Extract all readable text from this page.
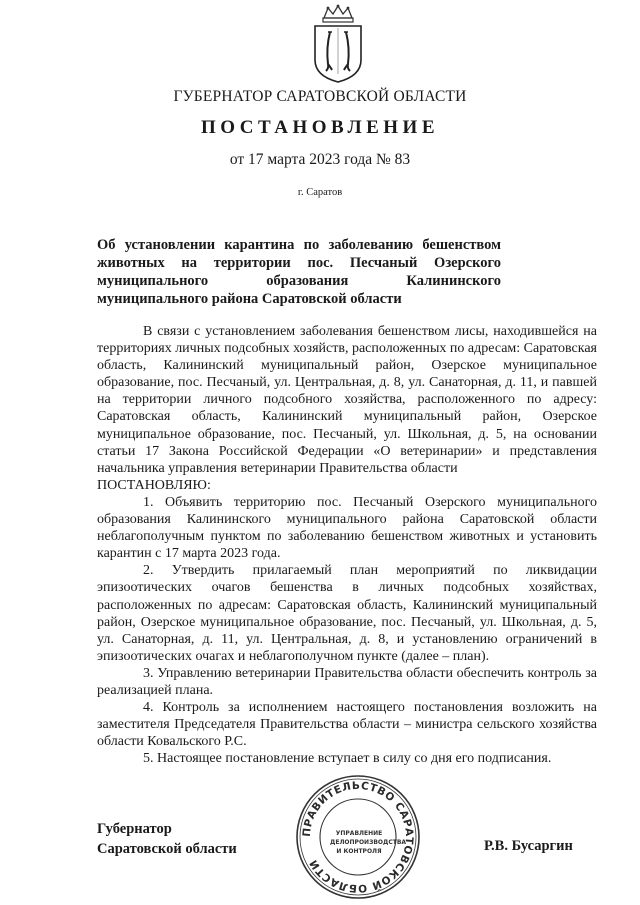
ГУБЕРНАТОР САРАТОВСКОЙ ОБЛАСТИ
ПОСТАНОВЛЕНИЕ
от 17 марта 2023 года № 83
г. Саратов
Об установлении карантина по заболеванию бешенством животных на территории пос. Песчаный Озерского муниципального образования Калининского муниципального района Саратовской области

В связи с установлением заболевания бешенством лисы, находившейся на территориях личных подсобных хозяйств, расположенных по адресам: Саратовская область, Калининский муниципальный район, Озерское муниципальное образование, пос. Песчаный, ул. Центральная, д. 8, ул. Санаторная, д. 11, и павшей на территории личного подсобного хозяйства, расположенного по адресу: Саратовская область, Калининский муниципальный район, Озерское муниципальное образование, пос. Песчаный, ул. Школьная, д. 5, на основании статьи 17 Закона Российской Федерации «О ветеринарии» и представления начальника управления ветеринарии Правительства области

ПОСТАНОВЛЯЮ:

1. Объявить территорию пос. Песчаный Озерского муниципального образования Калининского муниципального района Саратовской области неблагополучным пунктом по заболеванию бешенством животных и установить карантин с 17 марта 2023 года.

2. Утвердить прилагаемый план мероприятий по ликвидации эпизоотических очагов бешенства в личных подсобных хозяйствах, расположенных по адресам: Саратовская область, Калининский муниципальный район, Озерское муниципальное образование, пос. Песчаный, ул. Школьная, д. 5, ул. Санаторная, д. 11, ул. Центральная, д. 8, и установлению ограничений в эпизоотических очагах и неблагополучном пункте (далее – план).

3. Управлению ветеринарии Правительства области обеспечить контроль за реализацией плана.

4. Контроль за исполнением настоящего постановления возложить на заместителя Председателя Правительства области – министра сельского хозяйства области Ковальского Р.С.

5. Настоящее постановление вступает в силу со дня его подписания.

Губернатор
Саратовской области	Р.В. Бусаргин
ПРАВИТЕЛЬСТВО САРАТОВСКОЙ ОБЛАСТИ
УПРАВЛЕНИЕ
ДЕЛОПРОИЗВОДСТВА
И КОНТРОЛЯ
